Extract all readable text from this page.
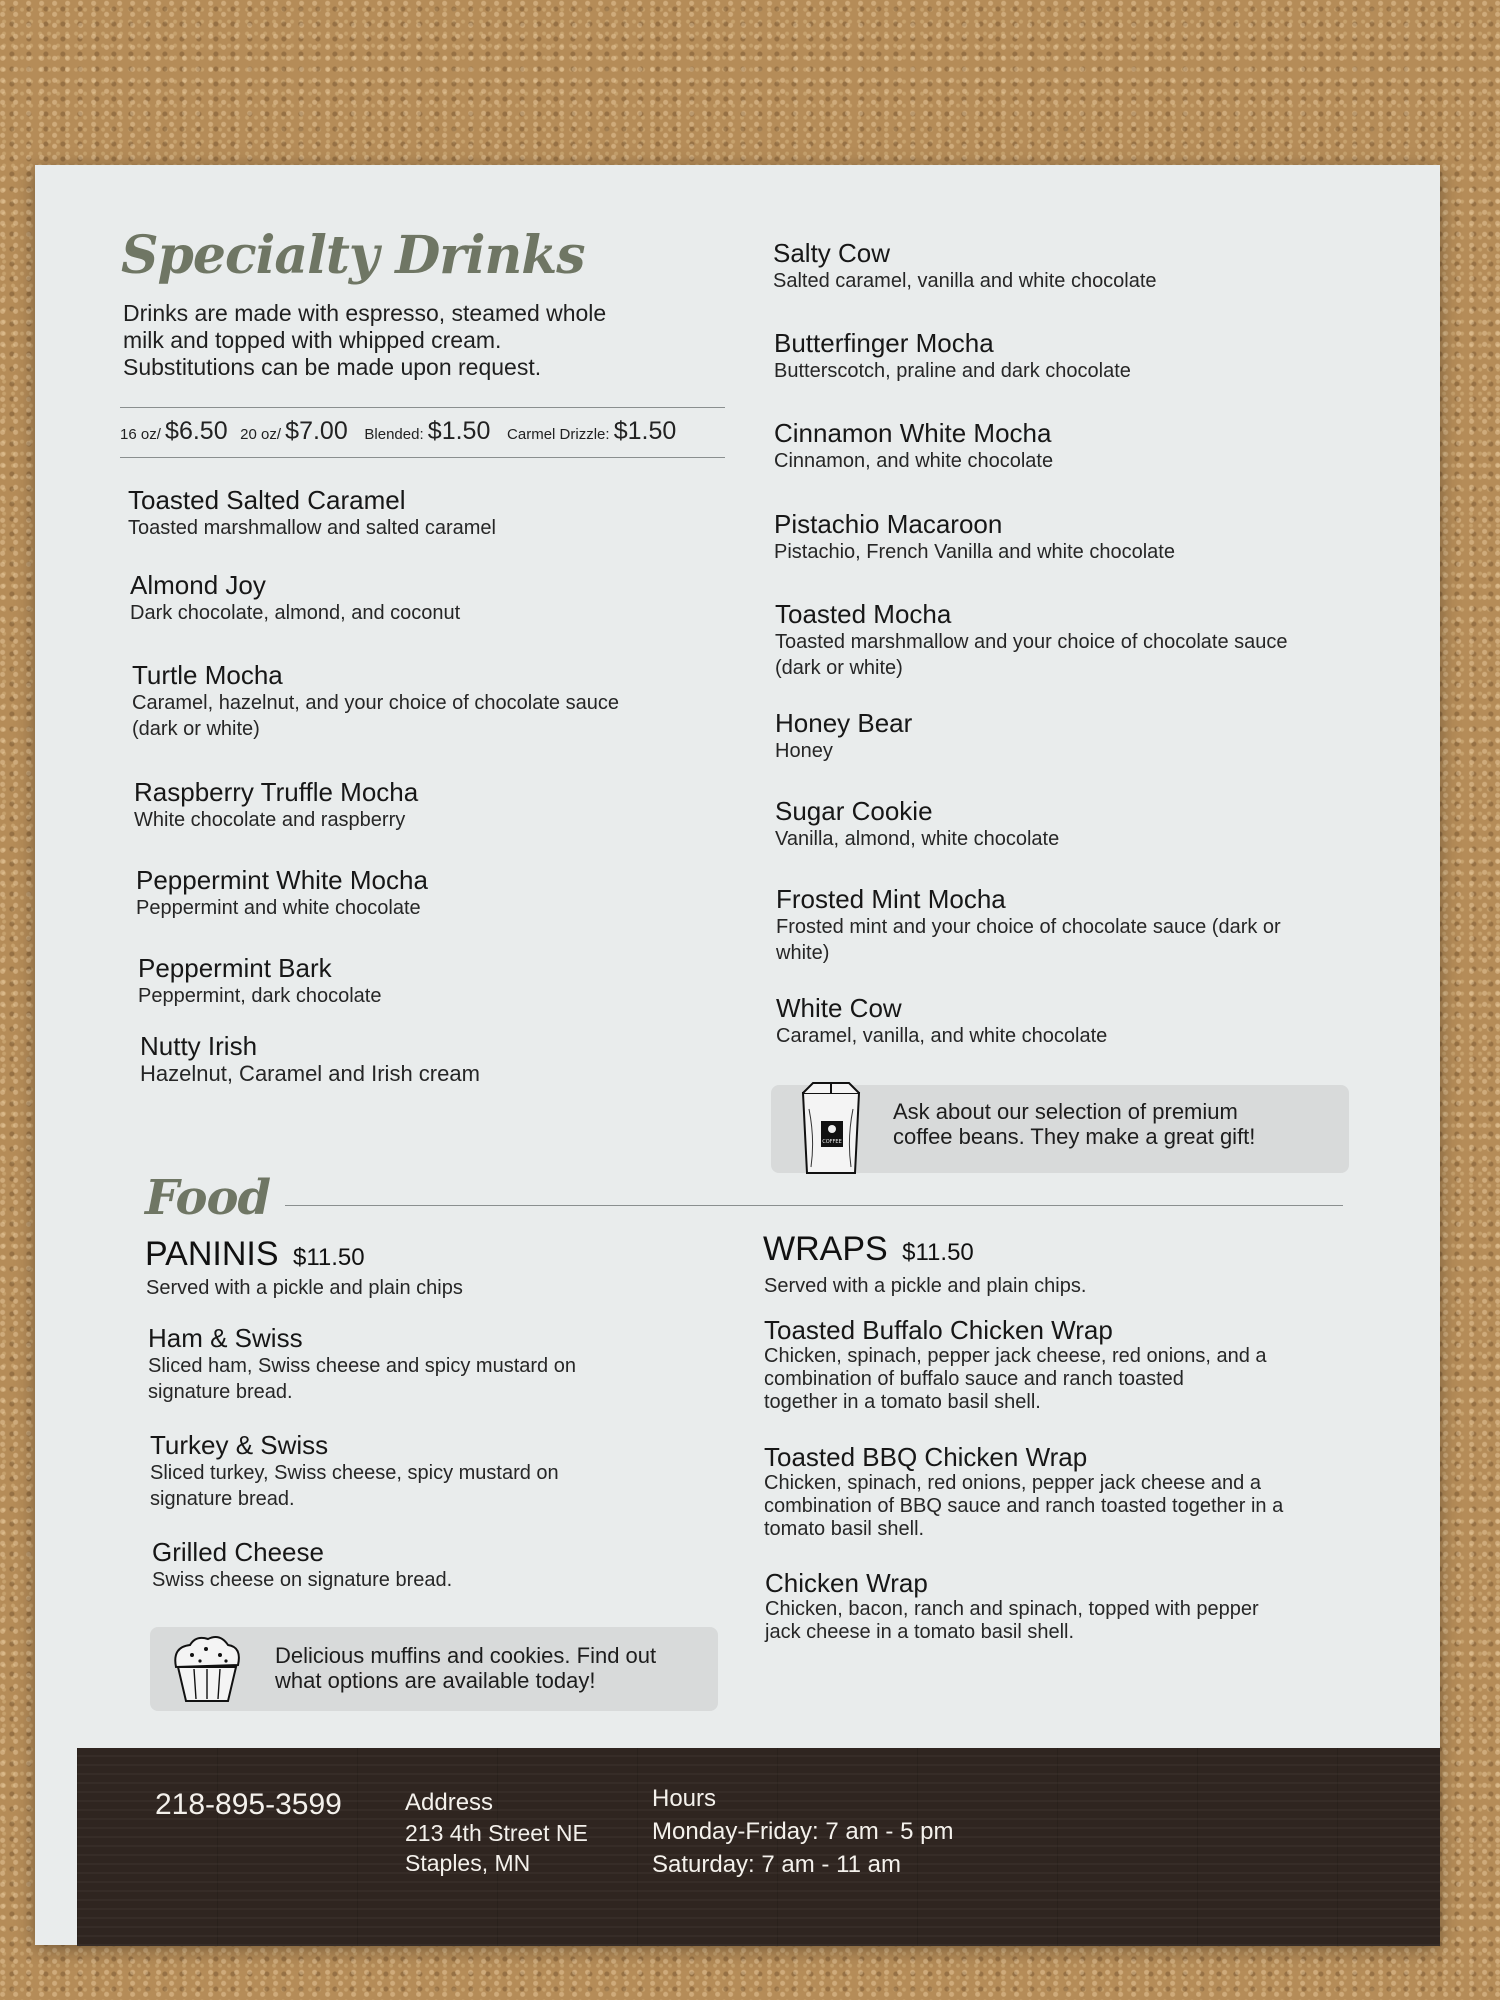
Specialty Drinks
Drinks are made with espresso, steamed whole
milk and topped with whipped cream.
Substitutions can be made upon request.
16 oz/ $6.50 20 oz/ $7.00 Blended: $1.50 Carmel Drizzle: $1.50
Toasted Salted Caramel
Toasted marshmallow and salted caramel
Almond Joy
Dark chocolate, almond, and coconut
Turtle Mocha
Caramel, hazelnut, and your choice of chocolate sauce
(dark or white)
Raspberry Truffle Mocha
White chocolate and raspberry
Peppermint White Mocha
Peppermint and white chocolate
Peppermint Bark
Peppermint, dark chocolate
Nutty Irish
Hazelnut, Caramel and Irish cream
Salty Cow
Salted caramel, vanilla and white chocolate
Butterfinger Mocha
Butterscotch, praline and dark chocolate
Cinnamon White Mocha
Cinnamon, and white chocolate
Pistachio Macaroon
Pistachio, French Vanilla and white chocolate
Toasted Mocha
Toasted marshmallow and your choice of chocolate sauce
(dark or white)
Honey Bear
Honey
Sugar Cookie
Vanilla, almond, white chocolate
Frosted Mint Mocha
Frosted mint and your choice of chocolate sauce (dark or
white)
White Cow
Caramel, vanilla, and white chocolate
COFFEE
Ask about our selection of premium
coffee beans. They make a great gift!
Food
PANINIS $11.50
Served with a pickle and plain chips
Ham & Swiss
Sliced ham, Swiss cheese and spicy mustard on
signature bread.
Turkey & Swiss
Sliced turkey, Swiss cheese, spicy mustard on
signature bread.
Grilled Cheese
Swiss cheese on signature bread.
Delicious muffins and cookies. Find out
what options are available today!
WRAPS $11.50
Served with a pickle and plain chips.
Toasted Buffalo Chicken Wrap
Chicken, spinach, pepper jack cheese, red onions, and a
combination of buffalo sauce and ranch toasted
together in a tomato basil shell.
Toasted BBQ Chicken Wrap
Chicken, spinach, red onions, pepper jack cheese and a
combination of BBQ sauce and ranch toasted together in a
tomato basil shell.
Chicken Wrap
Chicken, bacon, ranch and spinach, topped with pepper
jack cheese in a tomato basil shell.
218-895-3599	Address
213 4th Street NE
Staples, MN
Hours
Monday-Friday: 7 am - 5 pm
Saturday: 7 am - 11 am
